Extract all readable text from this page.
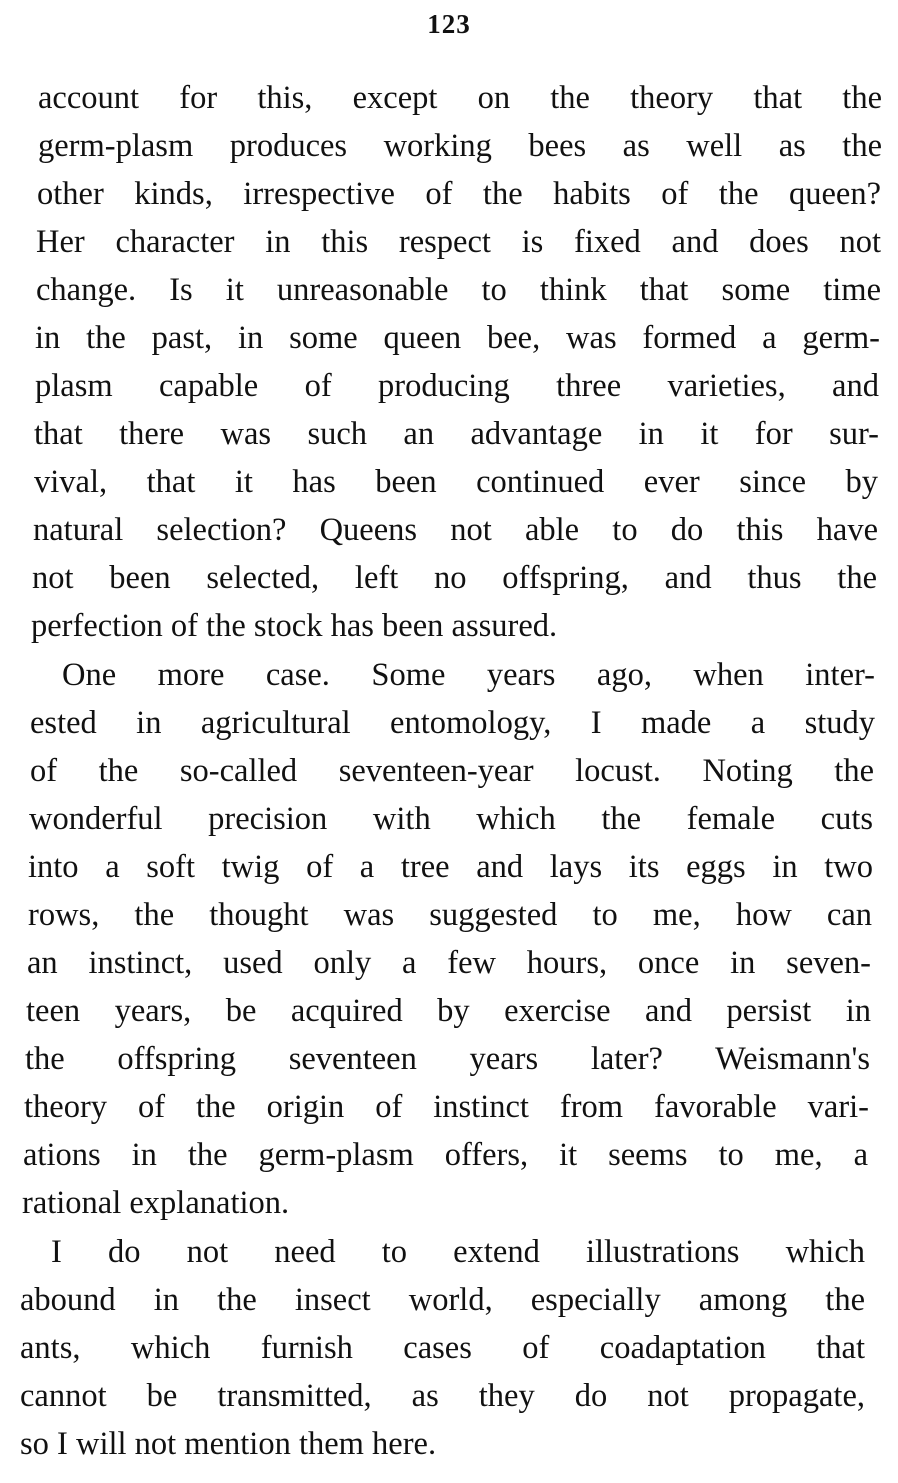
123
account for this, except on the theory that the
germ-plasm produces working bees as well as the
other kinds, irrespective of the habits of the queen?
Her character in this respect is fixed and does not
change. Is it unreasonable to think that some time
in the past, in some queen bee, was formed a germ-
plasm capable of producing three varieties, and
that there was such an advantage in it for sur-
vival, that it has been continued ever since by
natural selection? Queens not able to do this have
not been selected, left no offspring, and thus the
perfection of the stock has been assured.
One more case. Some years ago, when inter-
ested in agricultural entomology, I made a study
of the so-called seventeen-year locust. Noting the
wonderful precision with which the female cuts
into a soft twig of a tree and lays its eggs in two
rows, the thought was suggested to me, how can
an instinct, used only a few hours, once in seven-
teen years, be acquired by exercise and persist in
the offspring seventeen years later? Weismann's
theory of the origin of instinct from favorable vari-
ations in the germ-plasm offers, it seems to me, a
rational explanation.
I do not need to extend illustrations which
abound in the insect world, especially among the
ants, which furnish cases of coadaptation that
cannot be transmitted, as they do not propagate,
so I will not mention them here.
